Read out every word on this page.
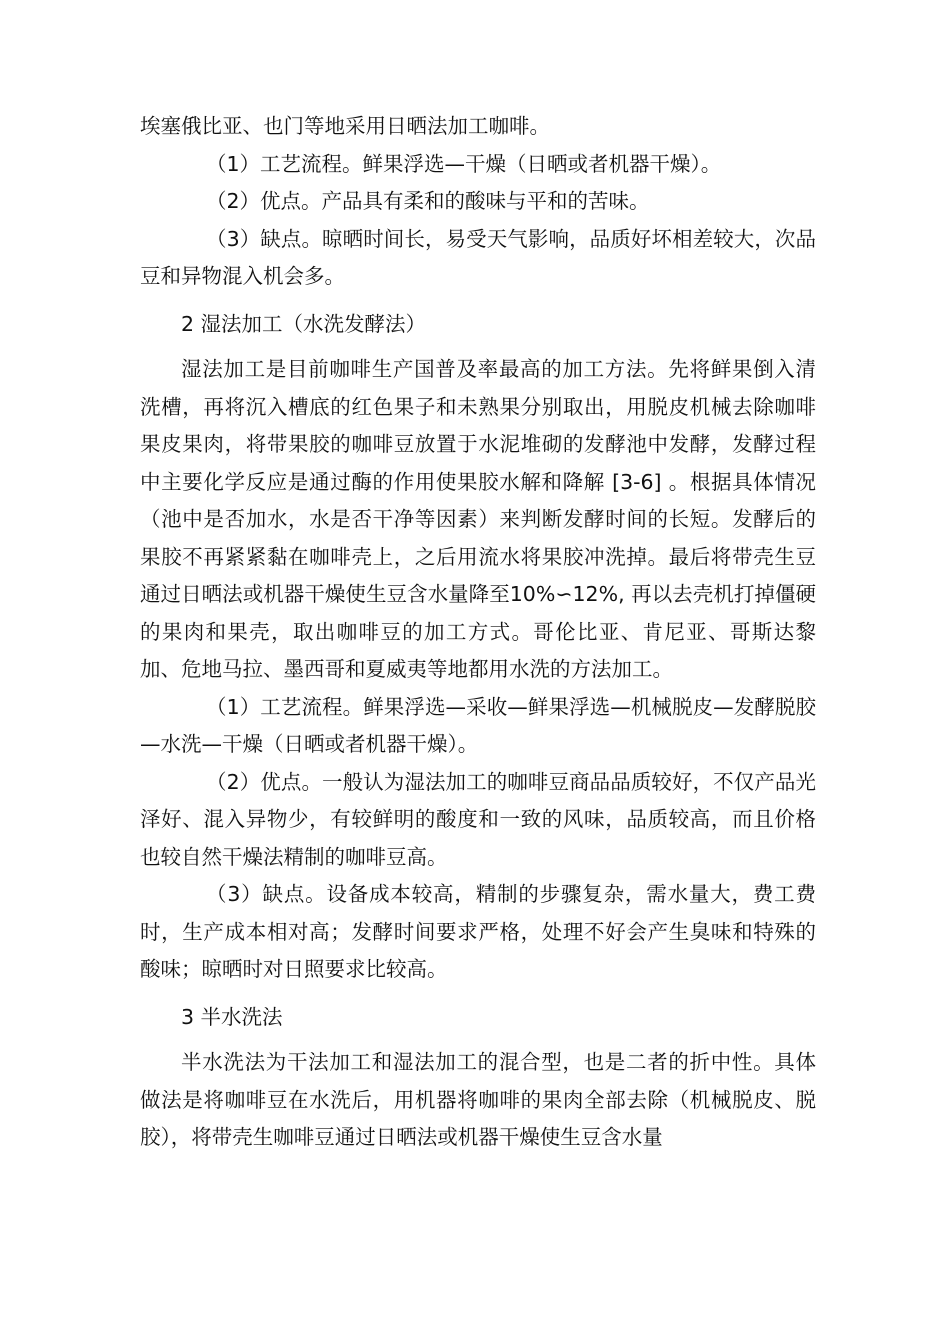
埃塞俄比亚、也门等地采用日晒法加工咖啡。

（1）工艺流程。鲜果浮选—干燥（日晒或者机器干燥）。

（2）优点。产品具有柔和的酸味与平和的苦味。

（3）缺点。晾晒时间长，易受天气影响，品质好坏相差较大，次品豆和异物混入机会多。

2 湿法加工（水洗发酵法）

湿法加工是目前咖啡生产国普及率最高的加工方法。先将鲜果倒入清洗槽，再将沉入槽底的红色果子和未熟果分别取出，用脱皮机械去除咖啡果皮果肉，将带果胶的咖啡豆放置于水泥堆砌的发酵池中发酵，发酵过程中主要化学反应是通过酶的作用使果胶水解和降解 [3-6] 。根据具体情况（池中是否加水，水是否干净等因素）来判断发酵时间的长短。发酵后的果胶不再紧紧黏在咖啡壳上，之后用流水将果胶冲洗掉。最后将带壳生豆通过日晒法或机器干燥使生豆含水量降至10%∽12%, 再以去壳机打掉僵硬的果肉和果壳，取出咖啡豆的加工方式。哥伦比亚、肯尼亚、哥斯达黎加、危地马拉、墨西哥和夏威夷等地都用水洗的方法加工。

（1）工艺流程。鲜果浮选—采收—鲜果浮选—机械脱皮—发酵脱胶—水洗—干燥（日晒或者机器干燥）。

（2）优点。一般认为湿法加工的咖啡豆商品品质较好，不仅产品光泽好、混入异物少，有较鲜明的酸度和一致的风味，品质较高，而且价格也较自然干燥法精制的咖啡豆高。

（3）缺点。设备成本较高，精制的步骤复杂，需水量大，费工费时，生产成本相对高；发酵时间要求严格，处理不好会产生臭味和特殊的酸味；晾晒时对日照要求比较高。

3 半水洗法

半水洗法为干法加工和湿法加工的混合型，也是二者的折中性。具体做法是将咖啡豆在水洗后，用机器将咖啡的果肉全部去除（机械脱皮、脱胶），将带壳生咖啡豆通过日晒法或机器干燥使生豆含水量
